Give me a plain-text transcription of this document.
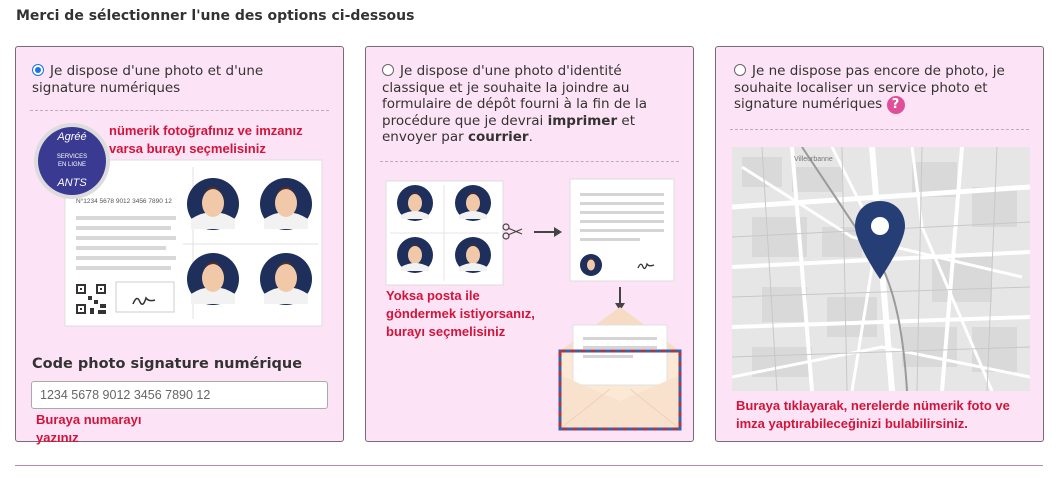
Merci de sélectionner l'une des options ci-dessous
Je dispose d'une photo et d'une signature numériques
N°1234 5678 9012 3456 7890 12
Agréé
SERVICES
EN LIGNE
ANTS
nümerik fotoğrafınız ve imzanız varsa burayı seçmelisiniz
Code photo signature numérique
1234 5678 9012 3456 7890 12
Buraya numarayı yazınız
Je dispose d'une photo d'identité classique et je souhaite la joindre au formulaire de dépôt fourni à la fin de la procédure que je devrai imprimer et envoyer par courrier.
Yoksa posta ile göndermek istiyorsanız, burayı seçmelisiniz
Je ne dispose pas encore de photo, je souhaite localiser un service photo et signature numériques ?
Villeurbanne
Buraya tıklayarak, nerelerde nümerik foto ve imza yaptırabileceğinizi bulabilirsiniz.
